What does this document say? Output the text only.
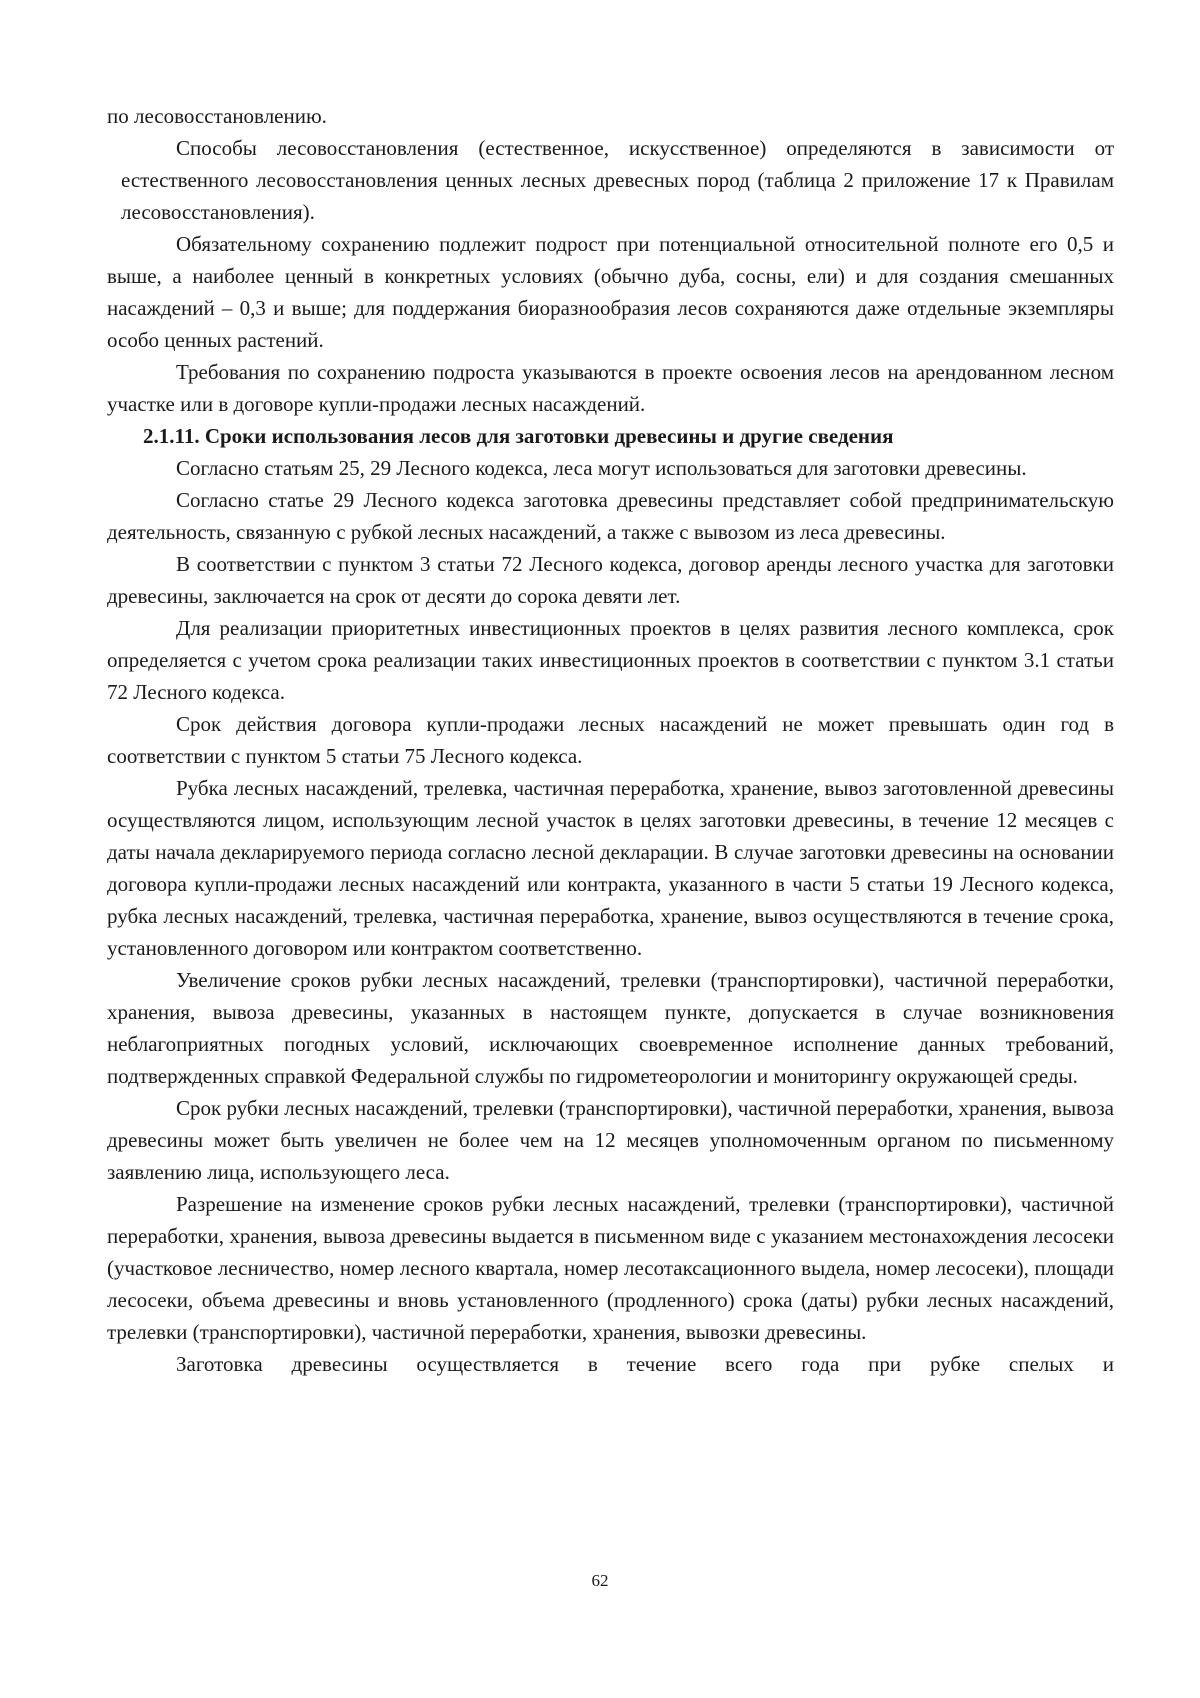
по лесовосстановлению.

Способы лесовосстановления (естественное, искусственное) определяются в зависимости от естественного лесовосстановления ценных лесных древесных пород (таблица 2 приложение 17 к Правилам лесовосстановления).

Обязательному сохранению подлежит подрост при потенциальной относительной полноте его 0,5 и выше, а наиболее ценный в конкретных условиях (обычно дуба, сосны, ели) и для создания смешанных насаждений – 0,3 и выше; для поддержания биоразнообразия лесов сохраняются даже отдельные экземпляры особо ценных растений.

Требования по сохранению подроста указываются в проекте освоения лесов на арендованном лесном участке или в договоре купли-продажи лесных насаждений.

2.1.11. Сроки использования лесов для заготовки древесины и другие сведения

Согласно статьям 25, 29 Лесного кодекса, леса могут использоваться для заготовки древесины.

Согласно статье 29 Лесного кодекса заготовка древесины представляет собой предпринимательскую деятельность, связанную с рубкой лесных насаждений, а также с вывозом из леса древесины.

В соответствии с пунктом 3 статьи 72 Лесного кодекса, договор аренды лесного участка для заготовки древесины, заключается на срок от десяти до сорока девяти лет.

Для реализации приоритетных инвестиционных проектов в целях развития лесного комплекса, срок определяется с учетом срока реализации таких инвестиционных проектов в соответствии с пунктом 3.1 статьи 72 Лесного кодекса.

Срок действия договора купли-продажи лесных насаждений не может превышать один год в соответствии с пунктом 5 статьи 75 Лесного кодекса.

Рубка лесных насаждений, трелевка, частичная переработка, хранение, вывоз заготовленной древесины осуществляются лицом, использующим лесной участок в целях заготовки древесины, в течение 12 месяцев с даты начала декларируемого периода согласно лесной декларации. В случае заготовки древесины на основании договора купли-продажи лесных насаждений или контракта, указанного в части 5 статьи 19 Лесного кодекса, рубка лесных насаждений, трелевка, частичная переработка, хранение, вывоз осуществляются в течение срока, установленного договором или контрактом соответственно.

Увеличение сроков рубки лесных насаждений, трелевки (транспортировки), частичной переработки, хранения, вывоза древесины, указанных в настоящем пункте, допускается в случае возникновения неблагоприятных погодных условий, исключающих своевременное исполнение данных требований, подтвержденных справкой Федеральной службы по гидрометеорологии и мониторингу окружающей среды.

Срок рубки лесных насаждений, трелевки (транспортировки), частичной переработки, хранения, вывоза древесины может быть увеличен не более чем на 12 месяцев уполномоченным органом по письменному заявлению лица, использующего леса.

Разрешение на изменение сроков рубки лесных насаждений, трелевки (транспортировки), частичной переработки, хранения, вывоза древесины выдается в письменном виде с указанием местонахождения лесосеки (участковое лесничество, номер лесного квартала, номер лесотаксационного выдела, номер лесосеки), площади лесосеки, объема древесины и вновь установленного (продленного) срока (даты) рубки лесных насаждений, трелевки (транспортировки), частичной переработки, хранения, вывозки древесины.

Заготовка древесины осуществляется в течение всего года при рубке спелых и

62
